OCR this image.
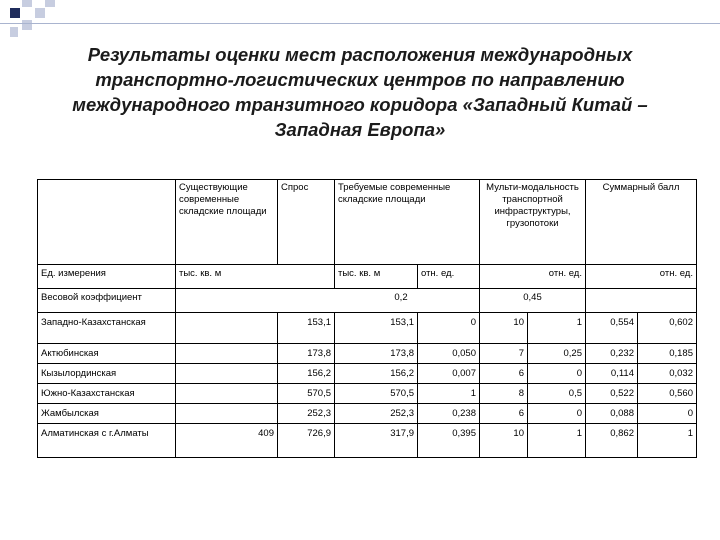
Результаты оценки мест расположения международных
транспортно-логистических центров по направлению
международного транзитного коридора «Западный Китай –
Западная Европа»
	Существующие современные складские площади	Спрос	Требуемые современные складские площади		Мульти-модальность транспортной инфраструктуры, грузопотоки		Суммарный балл	
Ед. измерения	тыс. кв. м		тыс. кв. м	отн. ед.		отн. ед.		отн. ед.
Весовой коэффициент	0,2				0,45			
Западно-Казахстанская		153,1	153,1	0	10	1	0,554	0,602
Актюбинская		173,8	173,8	0,050	7	0,25	0,232	0,185
Кызылординская		156,2	156,2	0,007	6	0	0,114	0,032
Южно-Казахстанская		570,5	570,5	1	8	0,5	0,522	0,560
Жамбылская		252,3	252,3	0,238	6	0	0,088	0
Алматинская с г.Алматы	409	726,9	317,9	0,395	10	1	0,862	1
